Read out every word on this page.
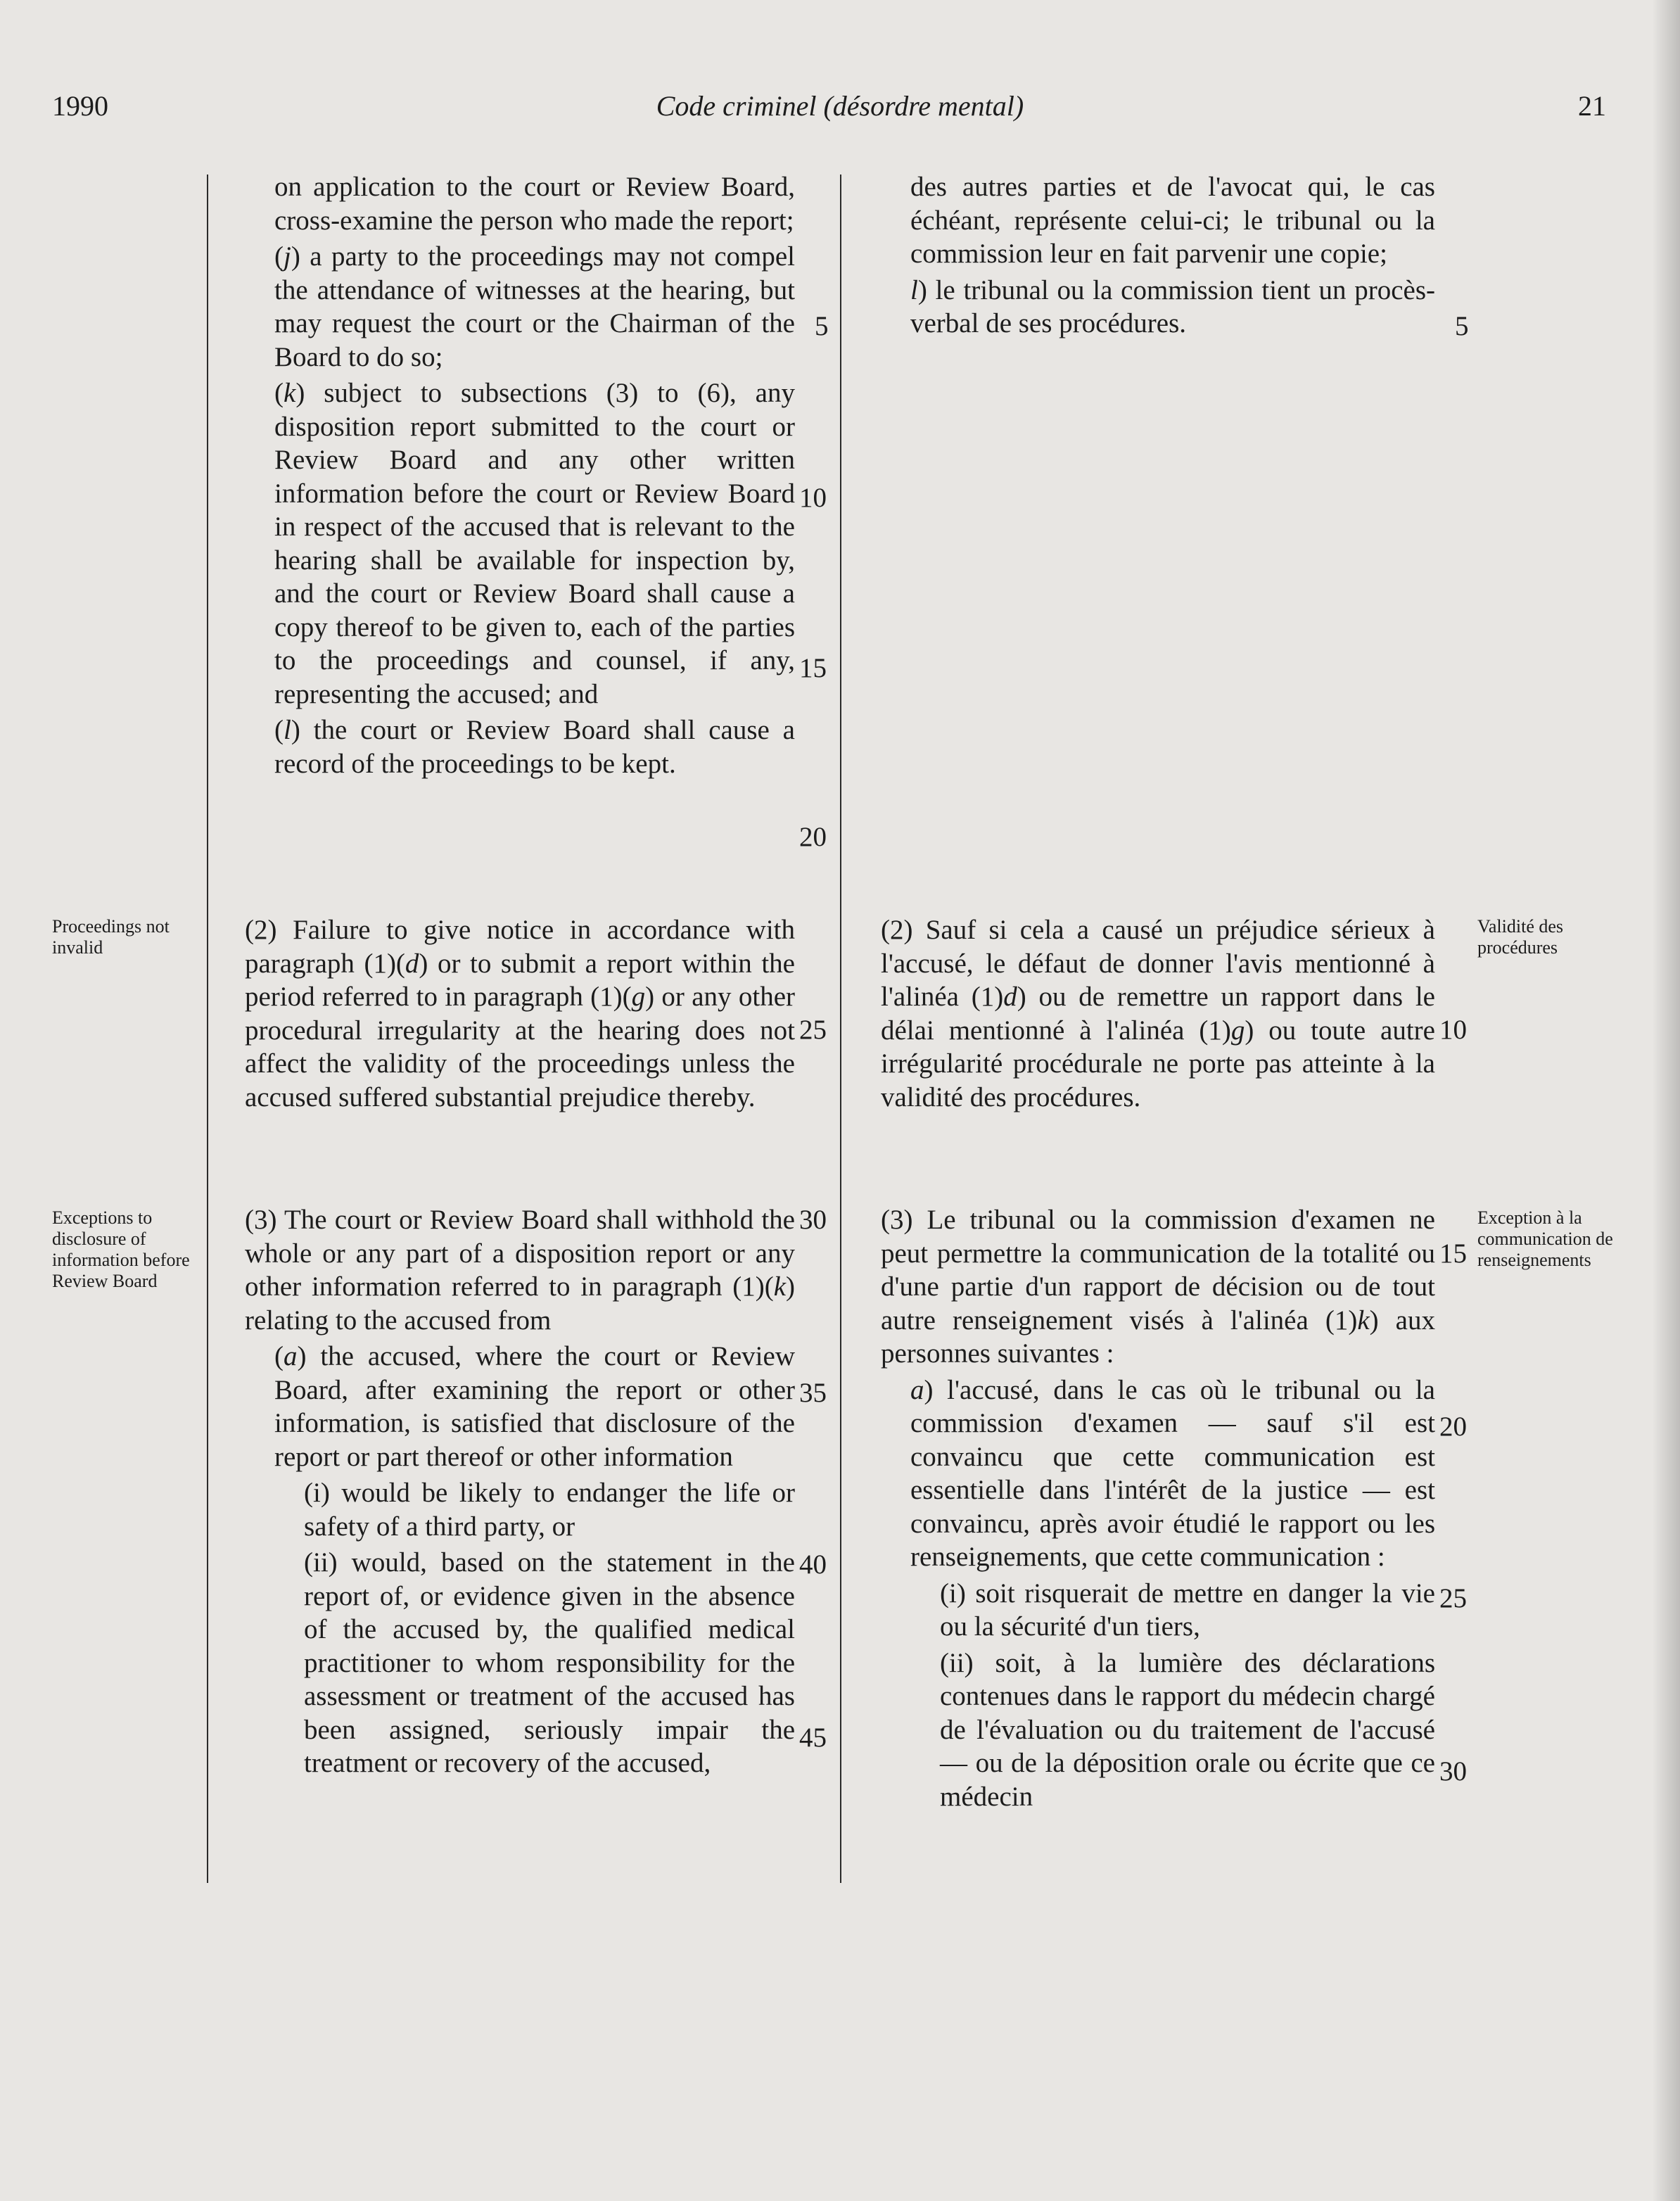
1990	Code criminel (désordre mental)	21
Proceedings not invalid
Exceptions to disclosure of information before Review Board
Validité des procédures
Exception à la communication de renseignements

on application to the court or Review Board, cross-examine the person who made the report;

(j) a party to the proceedings may not compel the attendance of witnesses at the hearing, but may request the court or the Chairman of the Board to do so;

(k) subject to subsections (3) to (6), any disposition report submitted to the court or Review Board and any other written information before the court or Review Board in respect of the accused that is relevant to the hearing shall be available for inspection by, and the court or Review Board shall cause a copy thereof to be given to, each of the parties to the proceedings and counsel, if any, representing the accused; and

(l) the court or Review Board shall cause a record of the proceedings to be kept.

(2) Failure to give notice in accordance with paragraph (1)(d) or to submit a report within the period referred to in paragraph (1)(g) or any other procedural irregularity at the hearing does not affect the validity of the proceedings unless the accused suffered substantial prejudice thereby.

(3) The court or Review Board shall withhold the whole or any part of a disposition report or any other information referred to in paragraph (1)(k) relating to the accused from

(a) the accused, where the court or Review Board, after examining the report or other information, is satisfied that disclosure of the report or part thereof or other information

(i) would be likely to endanger the life or safety of a third party, or

(ii) would, based on the statement in the report of, or evidence given in the absence of the accused by, the qualified medical practitioner to whom responsibility for the assessment or treatment of the accused has been assigned, seriously impair the treatment or recovery of the accused,

des autres parties et de l'avocat qui, le cas échéant, représente celui-ci; le tribunal ou la commission leur en fait parvenir une copie;

l) le tribunal ou la commission tient un procès-verbal de ses procédures.

(2) Sauf si cela a causé un préjudice sérieux à l'accusé, le défaut de donner l'avis mentionné à l'alinéa (1)d) ou de remettre un rapport dans le délai mentionné à l'alinéa (1)g) ou toute autre irrégularité procédurale ne porte pas atteinte à la validité des procédures.

(3) Le tribunal ou la commission d'examen ne peut permettre la communication de la totalité ou d'une partie d'un rapport de décision ou de tout autre renseignement visés à l'alinéa (1)k) aux personnes suivantes :

a) l'accusé, dans le cas où le tribunal ou la commission d'examen — sauf s'il est convaincu que cette communication est essentielle dans l'intérêt de la justice — est convaincu, après avoir étudié le rapport ou les renseignements, que cette communication :

(i) soit risquerait de mettre en danger la vie ou la sécurité d'un tiers,

(ii) soit, à la lumière des déclarations contenues dans le rapport du médecin chargé de l'évaluation ou du traitement de l'accusé — ou de la déposition orale ou écrite que ce médecin

5
10
15
20
25
30
35
40
45
5
10
15
20
25
30
